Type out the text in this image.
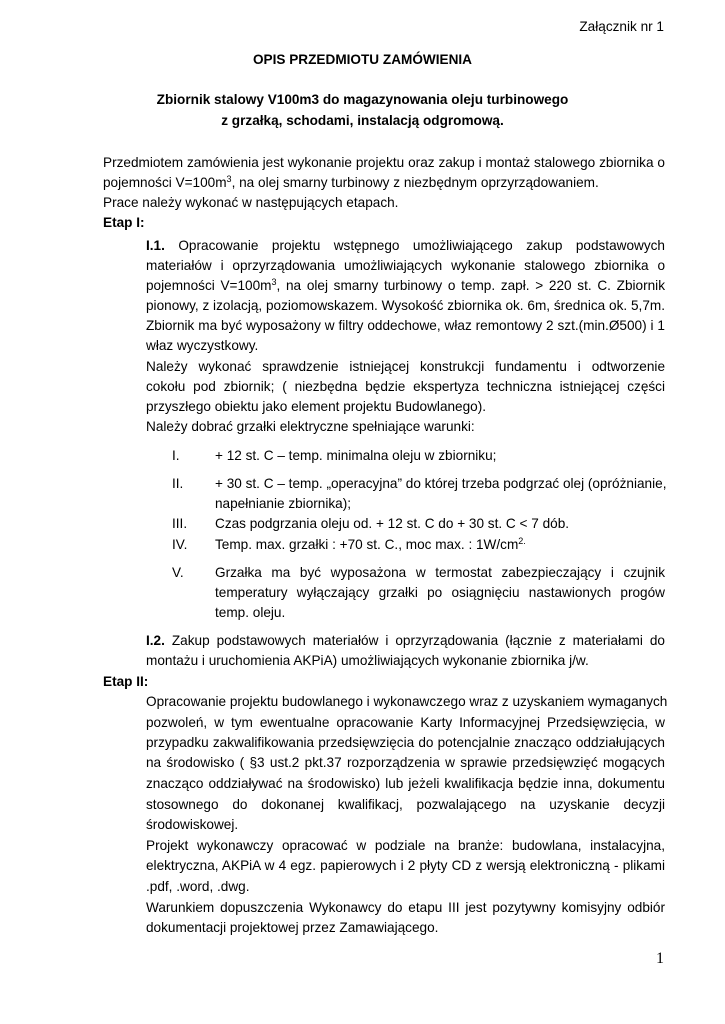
Załącznik nr 1
OPIS PRZEDMIOTU ZAMÓWIENIA
Zbiornik stalowy V100m3 do magazynowania oleju turbinowego
z grzałką, schodami, instalacją odgromową.
Przedmiotem zamówienia jest wykonanie projektu oraz zakup i montaż stalowego zbiornika o
pojemności $V=100m^3$, na olej smarny turbinowy z niezbędnym oprzyrządowaniem.
Prace należy wykonać w następujących etapach.
Etap I:
I.1. Opracowanie projektu wstępnego umożliwiającego zakup podstawowych
materiałów i oprzyrządowania umożliwiających wykonanie stalowego zbiornika o
pojemności $V=100m^3$, na olej smarny turbinowy o temp. zapł. > 220 st. C. Zbiornik
pionowy, z izolacją, poziomowskazem. Wysokość zbiornika ok. 6m, średnica ok. 5,7m.
Zbiornik ma być wyposażony w filtry oddechowe, właz remontowy 2 szt.(min.Ø500) i 1
właz wyczystkowy.
Należy wykonać sprawdzenie istniejącej konstrukcji fundamentu i odtworzenie
cokołu pod zbiornik; ( niezbędna będzie ekspertyza techniczna istniejącej części
przyszłego obiektu jako element projektu Budowlanego).
Należy dobrać grzałki elektryczne spełniające warunki:
I.	+ 12 st. C – temp. minimalna oleju w zbiorniku;
II. + 30 st. C – temp. „operacyjna” do której trzeba podgrzać olej (opróżnianie,
napełnianie zbiornika);
III. Czas podgrzania oleju od. + 12 st. C do + 30 st. C < 7 dób.
IV. Temp. max. grzałki : +70 st. C., moc max. : $1W/cm^{2.}$
V. Grzałka ma być wyposażona w termostat zabezpieczający i czujnik
temperatury wyłączający grzałki po osiągnięciu nastawionych progów
temp. oleju.
I.2. Zakup podstawowych materiałów i oprzyrządowania (łącznie z materiałami do
montażu i uruchomienia AKPiA) umożliwiających wykonanie zbiornika j/w.
Etap II:
Opracowanie projektu budowlanego i wykonawczego wraz z uzyskaniem wymaganych
pozwoleń, w tym ewentualne opracowanie Karty Informacyjnej Przedsięwzięcia, w
przypadku zakwalifikowania przedsięwzięcia do potencjalnie znacząco oddziałujących
na środowisko ( §3 ust.2 pkt.37 rozporządzenia w sprawie przedsięwzięć mogących
znacząco oddziaływać na środowisko) lub jeżeli kwalifikacja będzie inna, dokumentu
stosownego do dokonanej kwalifikacj, pozwalającego na uzyskanie decyzji
środowiskowej.
Projekt wykonawczy opracować w podziale na branże: budowlana, instalacyjna,
elektryczna, AKPiA w 4 egz. papierowych i 2 płyty CD z wersją elektroniczną - plikami
.pdf, .word, .dwg.
Warunkiem dopuszczenia Wykonawcy do etapu III jest pozytywny komisyjny odbiór
dokumentacji projektowej przez Zamawiającego.
1
